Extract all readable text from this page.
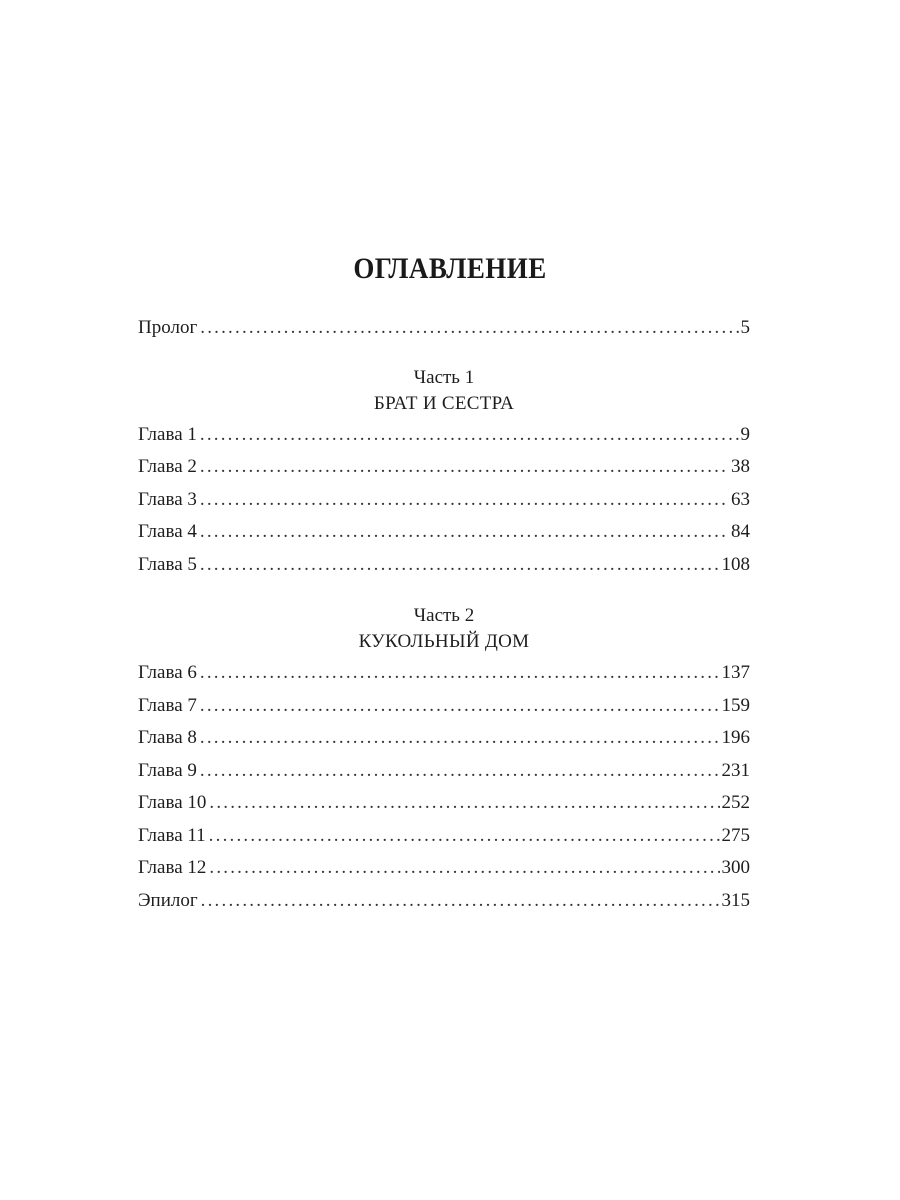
ОГЛАВЛЕНИЕ
Пролог .....	5
Часть 1
БРАТ И СЕСТРА
Глава 1 .....	9
Глава 2 .....	38
Глава 3 .....	63
Глава 4 .....	84
Глава 5 .....	108
Часть 2
КУКОЛЬНЫЙ ДОМ
Глава 6 .....	137
Глава 7 .....	159
Глава 8 .....	196
Глава 9 .....	231
Глава 10 .....	252
Глава 11 .....	275
Глава 12 .....	300
Эпилог .....	315
